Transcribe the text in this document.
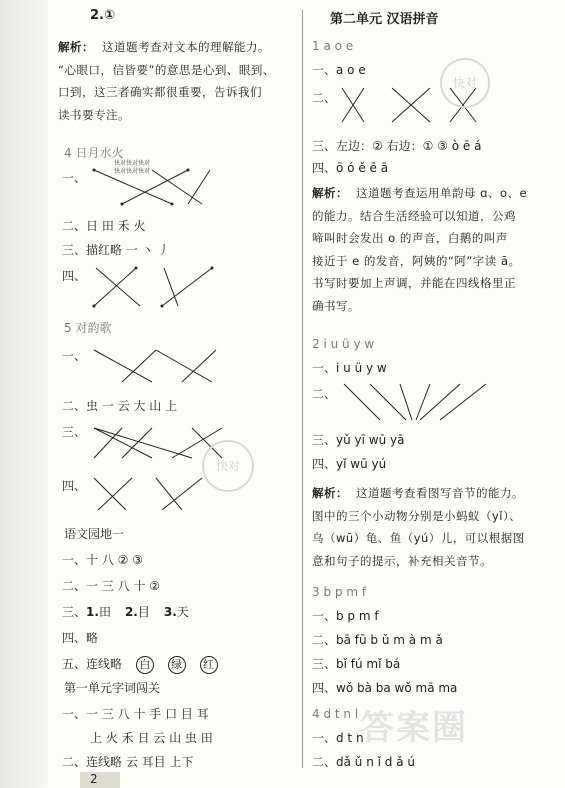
2.①
解析： 这道题考查对文本的理解能力。
“心眼口，信皆要”的意思是心到、眼到、
口到，这三者确实都很重要，告诉我们
读书要专注。
4 日月水火
一、
快对快对快对
快对快对快对
二、日 田 禾 火
三、描红略 一 丶 丿
四、
5 对韵歌
一、
二、虫 一 云 大 山 上
三、
四、
语文园地一
一、十 八 ② ③
二、一 三 八 十 ②
三、1.田 2.目 3.天
四、略
五、连线略 白 绿 红
第一单元字词闯关
一、一 三 八 十 手 口 目 耳
上 火 禾 日 云 山 虫 田
二、连线略 云 耳目 上下
快对
2
第二单元 汉语拼音
1 a o e
一、a o e
二、
三、左边：② 右边：① ③ ò ē á
四、ō ó ě ē ā
解析： 这道题考查运用单韵母 ɑ、o、e
的能力。结合生活经验可以知道，公鸡
啼叫时会发出 o 的声音，白鹅的叫声
接近于 e 的发音，阿姨的“阿”字读 ā。
书写时要加上声调，并能在四线格里正
确书写。
2 i u ü y w
一、i u ü y w
二、
三、yǔ yī wū yā
四、yǐ wū yú
解析： 这道题考查看图写音节的能力。
图中的三个小动物分别是小蚂蚁（yǐ）、
乌（wū）龟、鱼（yú）儿，可以根据图
意和句子的提示，补充相关音节。
3 b p m f
一、b p m f
二、bā fū b ǔ m à m ǎ
三、bǐ fú mǐ bá
四、wǒ bà ba wǒ mā ma
4 d t n l
一、d t n
二、dǎ ǔ n ǐ d ǎ ú
快对
答案圈
